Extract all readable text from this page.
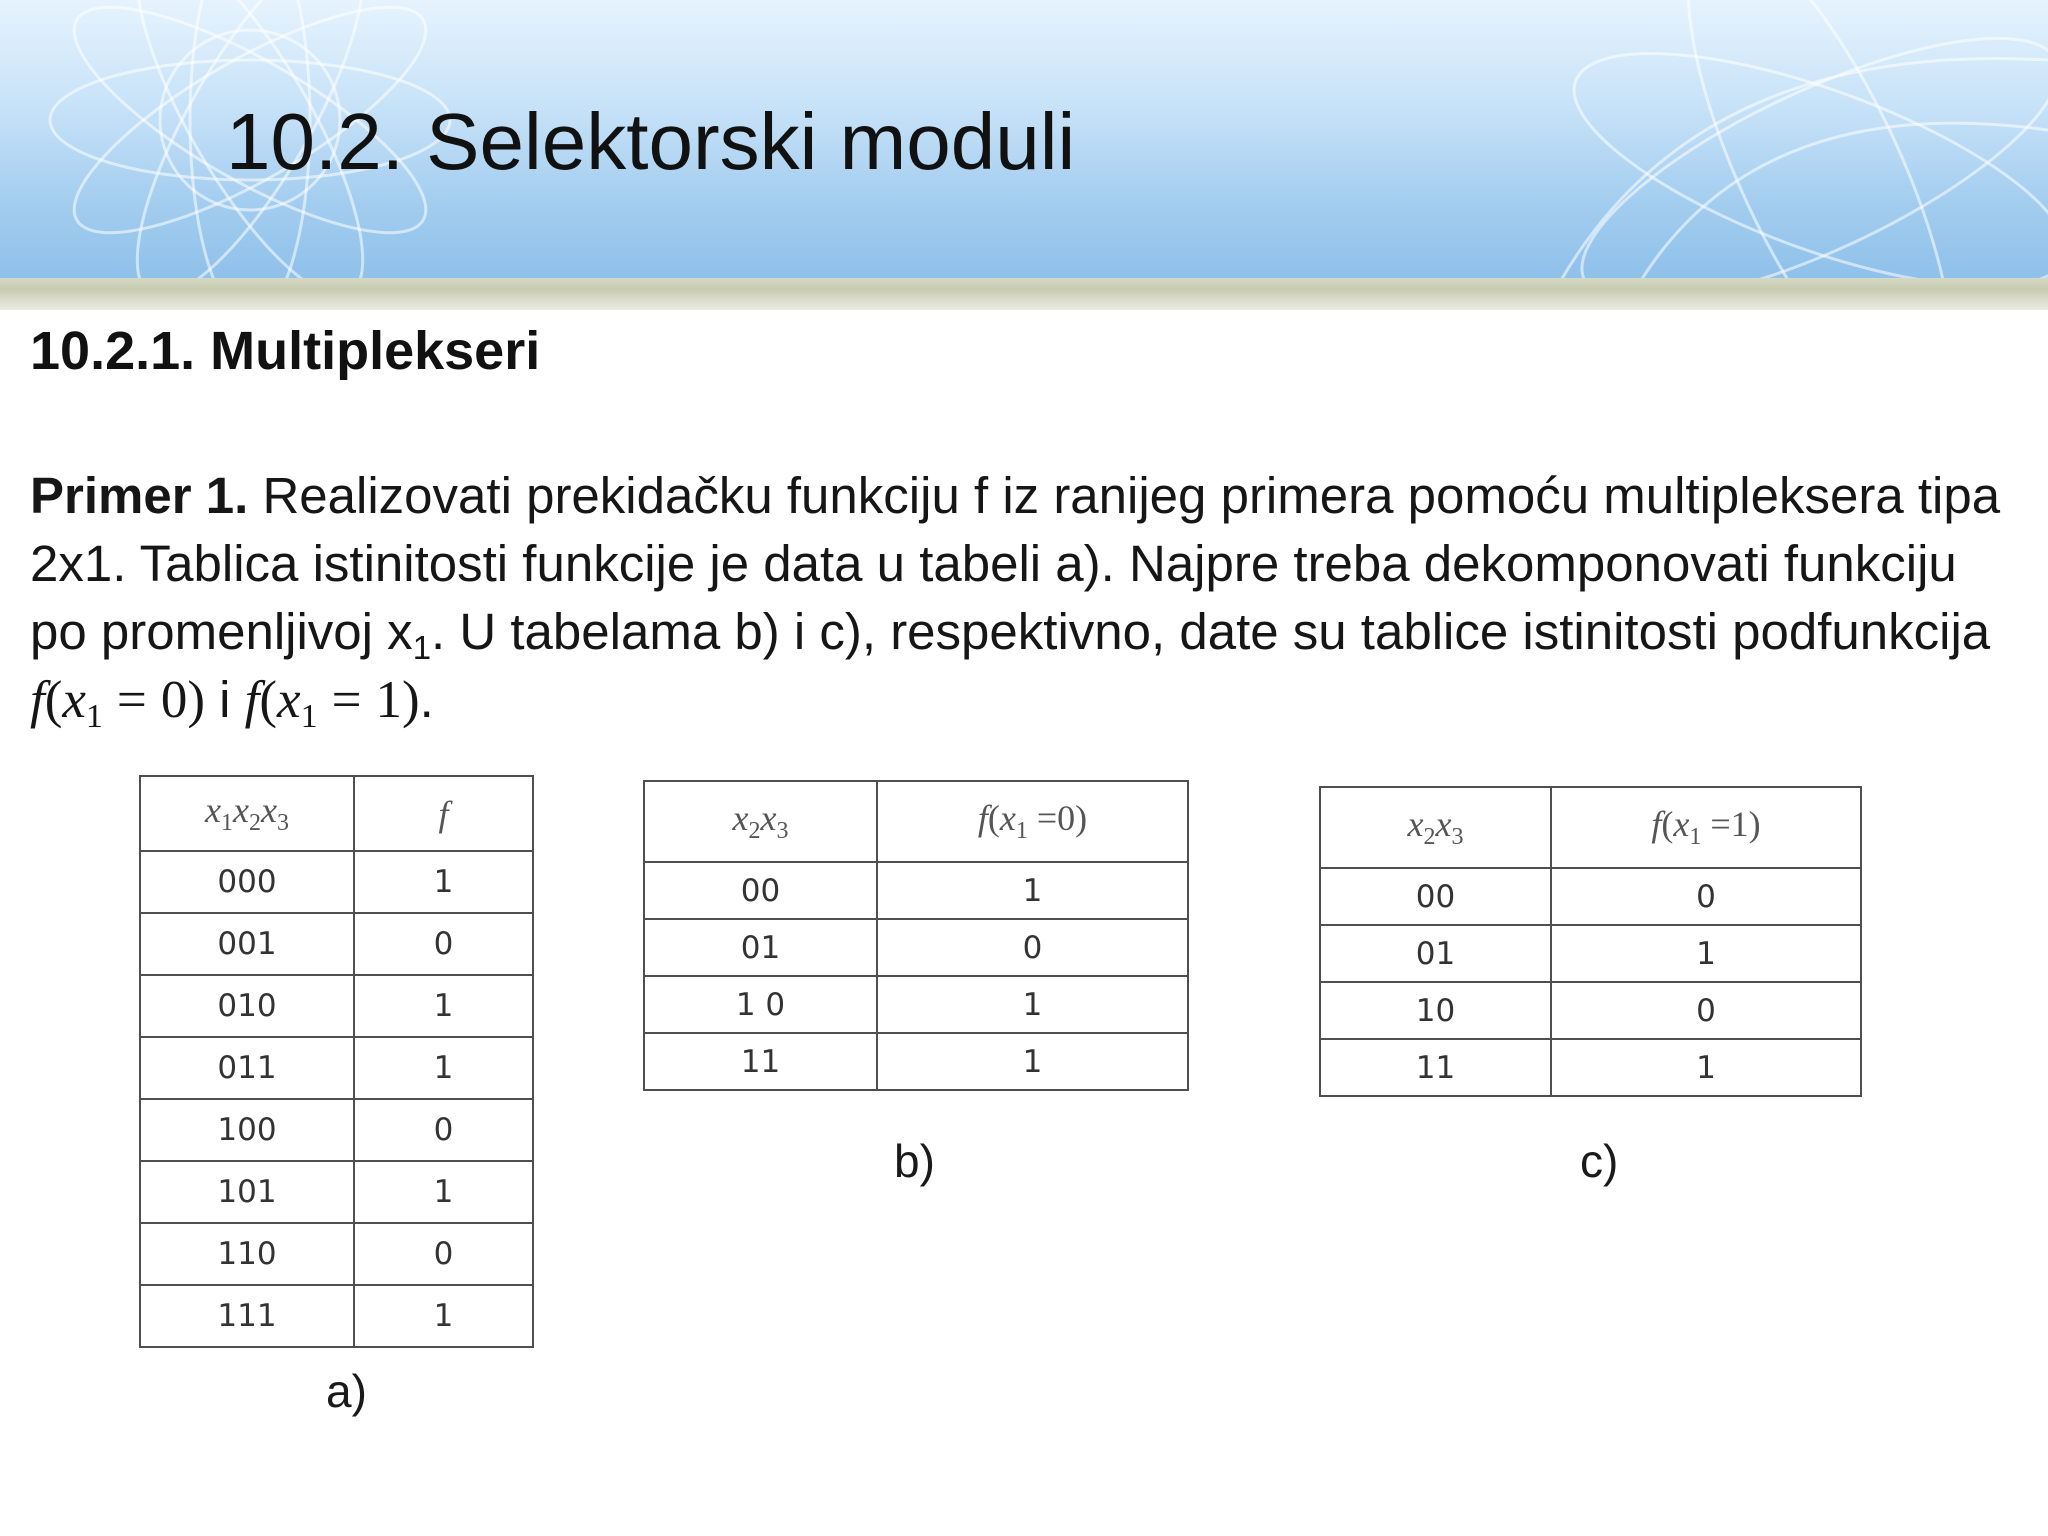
10.2. Selektorski moduli
10.2.1. Multiplekseri

Primer 1. Realizovati prekidačku funkciju f iz ranijeg primera pomoću multipleksera tipa 2x1. Tablica istinitosti funkcije je data u tabeli a). Najpre treba dekomponovati funkciju po promenljivoj $x_1$. U tabelama b) i c), respektivno, date su tablice istinitosti podfunkcija $f(x_1 = 0)$ i $f(x_1 = 1)$.

$x_1x_2x_3$	f
000	1
001	0
010	1
011	1
100	0
101	1
110	0
111	1

a)

$x_2x_3$	$f(x_1 =0)$
00	1
01	0
1 0	1
11	1

b)

$x_2x_3$	$f(x_1 =1)$
00	0
01	1
10	0
11	1

c)
